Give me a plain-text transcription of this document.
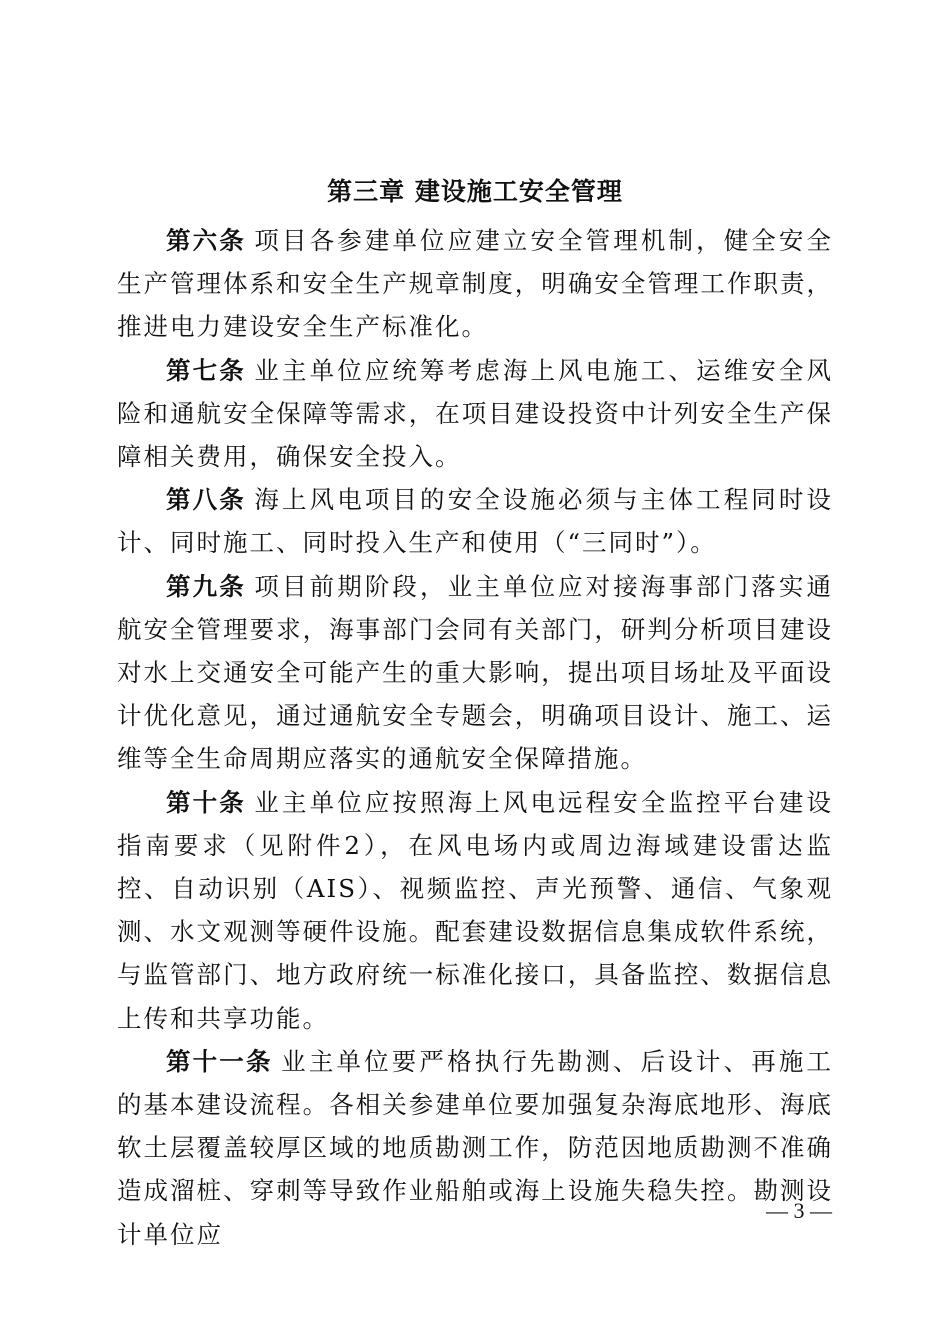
第三章 建设施工安全管理

第六条 项目各参建单位应建立安全管理机制，健全安全生产管理体系和安全生产规章制度，明确安全管理工作职责，推进电力建设安全生产标准化。

第七条 业主单位应统筹考虑海上风电施工、运维安全风险和通航安全保障等需求，在项目建设投资中计列安全生产保障相关费用，确保安全投入。

第八条 海上风电项目的安全设施必须与主体工程同时设计、同时施工、同时投入生产和使用（“三同时”）。

第九条 项目前期阶段，业主单位应对接海事部门落实通航安全管理要求，海事部门会同有关部门，研判分析项目建设对水上交通安全可能产生的重大影响，提出项目场址及平面设计优化意见，通过通航安全专题会，明确项目设计、施工、运维等全生命周期应落实的通航安全保障措施。

第十条 业主单位应按照海上风电远程安全监控平台建设指南要求（见附件2），在风电场内或周边海域建设雷达监控、自动识别（AIS）、视频监控、声光预警、通信、气象观测、水文观测等硬件设施。配套建设数据信息集成软件系统，与监管部门、地方政府统一标准化接口，具备监控、数据信息上传和共享功能。

第十一条 业主单位要严格执行先勘测、后设计、再施工的基本建设流程。各相关参建单位要加强复杂海底地形、海底软土层覆盖较厚区域的地质勘测工作，防范因地质勘测不准确造成溜桩、穿刺等导致作业船舶或海上设施失稳失控。勘测设计单位应

— 3 —
